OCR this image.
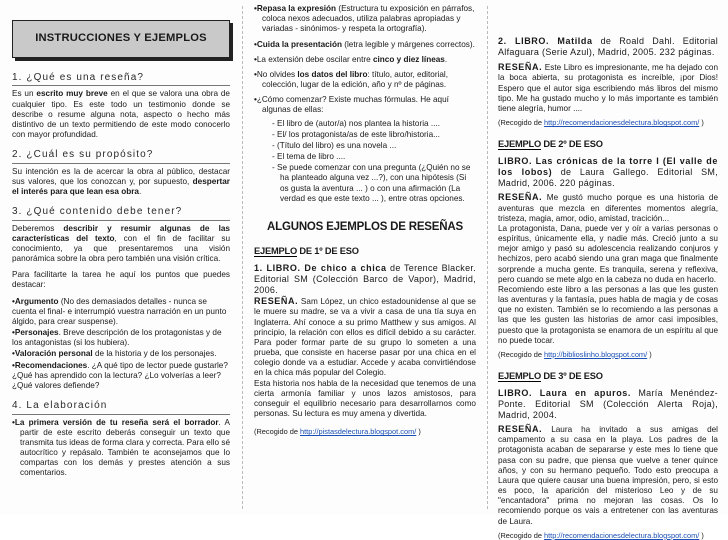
INSTRUCCIONES Y EJEMPLOS
1. ¿Qué es una reseña?

Es un escrito muy breve en el que se valora una obra de cualquier tipo. Es este todo un testimonio donde se describe o resume alguna nota, aspecto o hecho más distintivo de un texto permitiendo de este modo conocerlo con mayor profundidad.

2. ¿Cuál es su propósito?

Su intención es la de acercar la obra al público, destacar sus valores, que los conozcan y, por supuesto, despertar el interés para que lean esa obra.

3. ¿Qué contenido debe tener?

Deberemos describir y resumir algunas de las características del texto, con el fin de facilitar su conocimiento, ya que presentaremos una visión panorámica sobre la obra pero también una visión crítica.

Para facilitarte la tarea he aquí los puntos que puedes destacar:

• Argumento (No des demasiados detalles - nunca se cuenta el final- e interrumpió vuestra narración en un punto álgido, para crear suspense).
• Personajes. Breve descripción de los protagonistas y de los antagonistas (si los hubiera).
• Valoración personal de la historia y de los personajes.
• Recomendaciones. ¿A qué tipo de lector puede gustarle? ¿Qué has aprendido con la lectura? ¿Lo volverías a leer? ¿Qué valores defiende?
4. La elaboración

• La primera versión de tu reseña será el borrador. A partir de este escrito deberás conseguir un texto que transmita tus ideas de forma clara y correcta. Para ello sé autocrítico y repásalo. También te aconsejamos que lo compartas con los demás y prestes atención a sus comentarios.

• Repasa la expresión (Estructura tu exposición en párrafos, coloca nexos adecuados, utiliza palabras apropiadas y variadas - sinónimos- y respeta la ortografía).
• Cuida la presentación (letra legible y márgenes correctos).
• La extensión debe oscilar entre cinco y diez líneas.
• No olvides los datos del libro: título, autor, editorial, colección, lugar de la edición, año y nº de páginas.
• ¿Cómo comenzar? Existe muchas fórmulas. He aquí algunas de ellas:
- El libro de (autor/a) nos plantea la historia ....
- El/ los protagonista/as de este libro/historia...
- (Título del libro) es una novela ...
- El tema de libro ....
- Se puede comenzar con una pregunta (¿Quién no se ha planteado alguna vez ...?), con una hipótesis (Si os gusta la aventura ... ) o con una afirmación (La verdad es que este texto ... ), entre otras opciones.
ALGUNOS EJEMPLOS DE RESEÑAS
EJEMPLO DE 1º DE ESO

1. LIBRO. De chico a chica de Terence Blacker. Editorial SM (Colección Barco de Vapor), Madrid, 2006.

RESEÑA. Sam López, un chico estadounidense al que se le muere su madre, se va a vivir a casa de una tía suya en Inglaterra. Ahí conoce a su primo Matthew y sus amigos. Al principio, la relación con ellos es difícil debido a su carácter. Para poder formar parte de su grupo lo someten a una prueba, que consiste en hacerse pasar por una chica en el colegio donde va a estudiar. Accede y acaba convirtiéndose en la chica más popular del Colegio.

Esta historia nos habla de la necesidad que tenemos de una cierta armonía familiar y unos lazos amistosos, para conseguir el equilibrio necesario para desarrollarnos como personas. Su lectura es muy amena y divertida.

(Recogido de http://pistasdelectura.blogspot.com/ )

2. LIBRO. Matilda de Roald Dahl. Editorial Alfaguara (Serie Azul), Madrid, 2005. 232 páginas.

RESEÑA. Este Libro es impresionante, me ha dejado con la boca abierta, su protagonista es increíble, ¡por Dios! Espero que el autor siga escribiendo más libros del mismo tipo. Me ha gustado mucho y lo más importante es también tiene alegría, humor ....

(Recogido de http://recomendacionesdelectura.blogspot.com/ )

EJEMPLO DE 2º DE ESO

LIBRO. Las crónicas de la torre I (El valle de los lobos) de Laura Gallego. Editorial SM, Madrid, 2006. 220 páginas.

RESEÑA. Me gustó mucho porque es una historia de aventuras que mezcla en diferentes momentos alegría, tristeza, magia, amor, odio, amistad, tracición...

La protagonista, Dana, puede ver y oír a varias personas o espíritus, únicamente ella, y nadie más. Creció junto a su mejor amigo y pasó su adolescencia realizando conjuros y hechizos, pero acabó siendo una gran maga que finalmente sorprende a mucha gente. Es tranquila, serena y reflexiva, pero cuando se mete algo en la cabeza no duda en hacerlo.

Recomiendo este libro a las personas a las que les gusten las aventuras y la fantasía, pues habla de magia y de cosas que no existen. También se lo recomiendo a las personas a las que les gusten las historias de amor casi imposibles, puesto que la protagonista se enamora de un espíritu al que no puede tocar.

(Recogido de http://biblioslinho.blogspot.com/ )

EJEMPLO DE 3º DE ESO

LIBRO. Laura en apuros. María Menéndez-Ponte. Editorial SM (Colección Alerta Roja), Madrid, 2004.

RESEÑA. Laura ha invitado a sus amigas del campamento a su casa en la playa. Los padres de la protagonista acaban de separarse y este mes lo tiene que pasa con su padre, que piensa que vuelve a tener quince años, y con su hermano pequeño. Todo esto preocupa a Laura que quiere causar una buena impresión, pero, si esto es poco, la aparición del misterioso Leo y de su "encantadora" prima no mejoran las cosas. Os lo recomiendo porque os vais a entretener con las aventuras de Laura.

(Recogido de http://recomendacionesdelectura.blogspot.com/ )
